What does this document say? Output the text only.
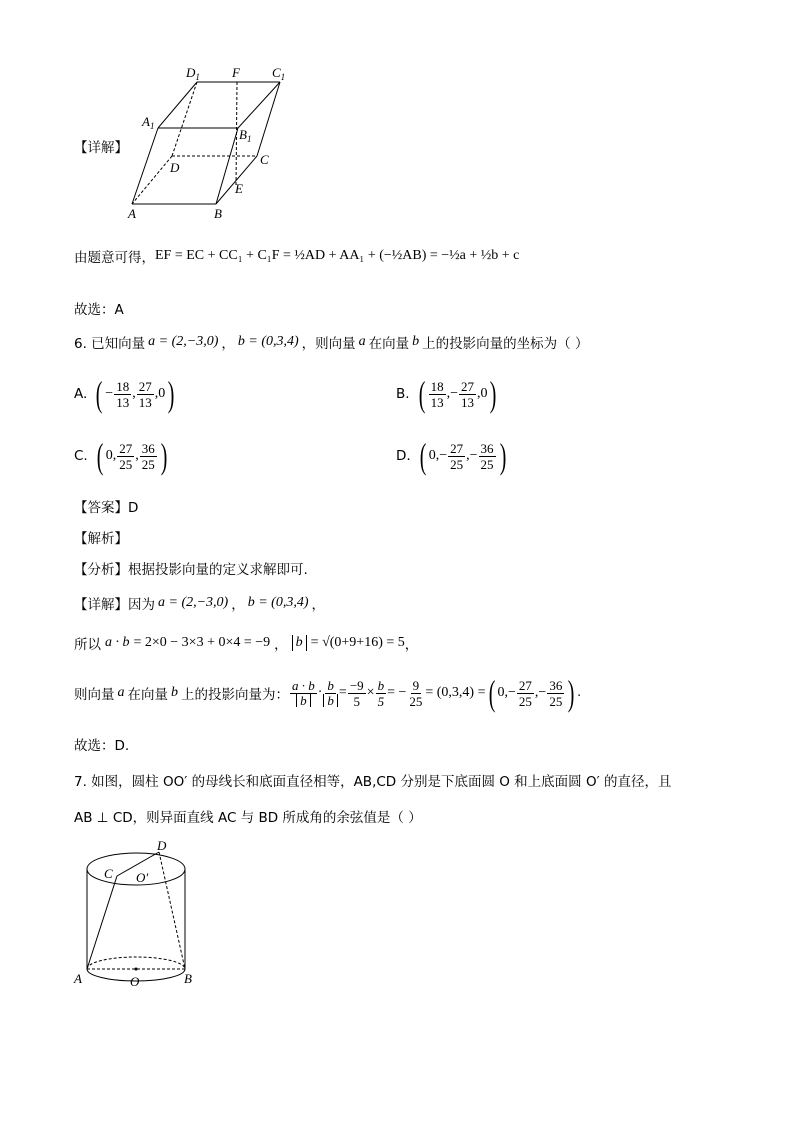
【详解】
$D_1$ F $C_1$
$A_1$
$B_1$
C
D
E
A	B
由题意可得， EF = EC + CC₁ + C₁F = ½AD + AA₁ + (−½AB) = −½a + ½b + c
故选：A
6. 已知向量 a = (2,−3,0) ， b = (0,3,4) ，则向量 a 在向量 b 上的投影向量的坐标为（ ）
A. ( − $\frac{18}{13}$ , $\frac{27}{13}$ , 0 )	B. ( $\frac{18}{13}$ ,− $\frac{27}{13}$ , 0 )
C. ( 0 , $\frac{27}{25}$ , $\frac{36}{25}$ )	D. ( 0 ,− $\frac{27}{25}$ ,− $\frac{36}{25}$ )
【答案】D
【解析】
【分析】根据投影向量的定义求解即可.
【详解】因为 a = (2,−3,0) ， b = (0,3,4) ，
所以 a · b = 2×0 − 3×3 + 0×4 = −9 ， b = √(0+9+16) = 5 ，
则向量 a 在向量 b 上的投影向量为： $\frac{a \cdot b}{b} \cdot \frac{b}{b} = \frac{-9}{5} \times \frac{b}{5}$ = − $\frac{9}{25} = (0,3,4)$ = ( 0 ,− $\frac{27}{25}$ ,− $\frac{36}{25}$ ) .
故选：D.
7. 如图，圆柱 OO′ 的母线长和底面直径相等，AB,CD 分别是下底面圆 O 和上底面圆 O′ 的直径，且
AB ⊥ CD，则异面直线 AC 与 BD 所成角的余弦值是（ ）
D
C O′
A	O	B
